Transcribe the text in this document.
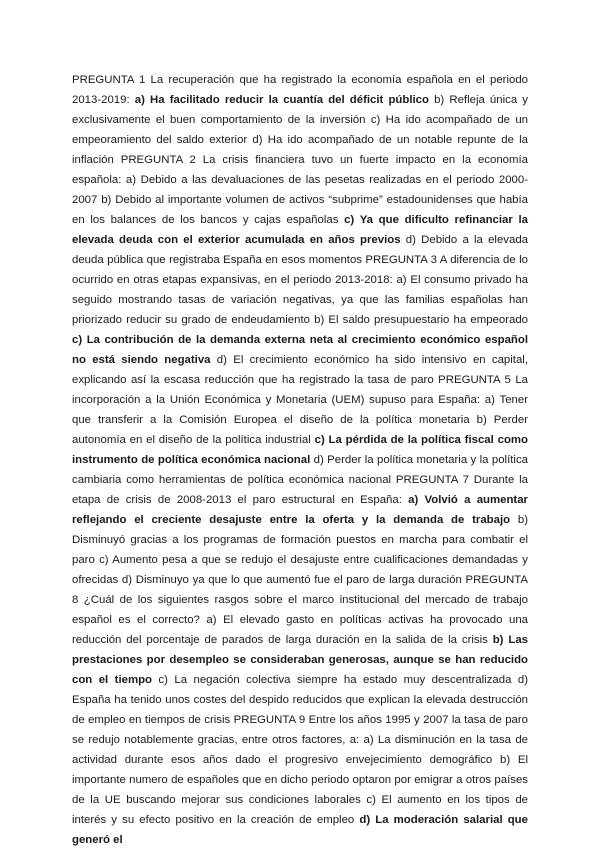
PREGUNTA 1 La recuperación que ha registrado la economía española en el periodo 2013-2019: a) Ha facilitado reducir la cuantía del déficit público b) Refleja única y exclusivamente el buen comportamiento de la inversión c) Ha ido acompañado de un empeoramiento del saldo exterior d) Ha ido acompañado de un notable repunte de la inflación PREGUNTA 2 La crisis financiera tuvo un fuerte impacto en la economía española: a) Debido a las devaluaciones de las pesetas realizadas en el periodo 2000-2007 b) Debido al importante volumen de activos “subprime” estadounidenses que había en los balances de los bancos y cajas españolas c) Ya que dificulto refinanciar la elevada deuda con el exterior acumulada en años previos d) Debido a la elevada deuda pública que registraba España en esos momentos PREGUNTA 3 A diferencia de lo ocurrido en otras etapas expansivas, en el periodo 2013-2018: a) El consumo privado ha seguido mostrando tasas de variación negativas, ya que las familias españolas han priorizado reducir su grado de endeudamiento b) El saldo presupuestario ha empeorado c) La contribución de la demanda externa neta al crecimiento económico español no está siendo negativa d) El crecimiento económico ha sido intensivo en capital, explicando así la escasa reducción que ha registrado la tasa de paro PREGUNTA 5 La incorporación a la Unión Económica y Monetaria (UEM) supuso para España: a) Tener que transferir a la Comisión Europea el diseño de la política monetaria b) Perder autonomía en el diseño de la política industrial c) La pérdida de la política fiscal como instrumento de política económica nacional d) Perder la política monetaria y la política cambiaria como herramientas de política económica nacional PREGUNTA 7 Durante la etapa de crisis de 2008-2013 el paro estructural en España: a) Volvió a aumentar reflejando el creciente desajuste entre la oferta y la demanda de trabajo b) Disminuyó gracias a los programas de formación puestos en marcha para combatir el paro c) Aumento pesa a que se redujo el desajuste entre cualificaciones demandadas y ofrecidas d) Disminuyo ya que lo que aumentó fue el paro de larga duración PREGUNTA 8 ¿Cuál de los siguientes rasgos sobre el marco institucional del mercado de trabajo español es el correcto? a) El elevado gasto en políticas activas ha provocado una reducción del porcentaje de parados de larga duración en la salida de la crisis b) Las prestaciones por desempleo se consideraban generosas, aunque se han reducido con el tiempo c) La negación colectiva siempre ha estado muy descentralizada d) España ha tenido unos costes del despido reducidos que explican la elevada destrucción de empleo en tiempos de crisis PREGUNTA 9 Entre los años 1995 y 2007 la tasa de paro se redujo notablemente gracias, entre otros factores, a: a) La disminución en la tasa de actividad durante esos años dado el progresivo envejecimiento demográfico b) El importante numero de españoles que en dicho periodo optaron por emigrar a otros países de la UE buscando mejorar sus condiciones laborales c) El aumento en los tipos de interés y su efecto positivo en la creación de empleo d) La moderación salarial que generó el
